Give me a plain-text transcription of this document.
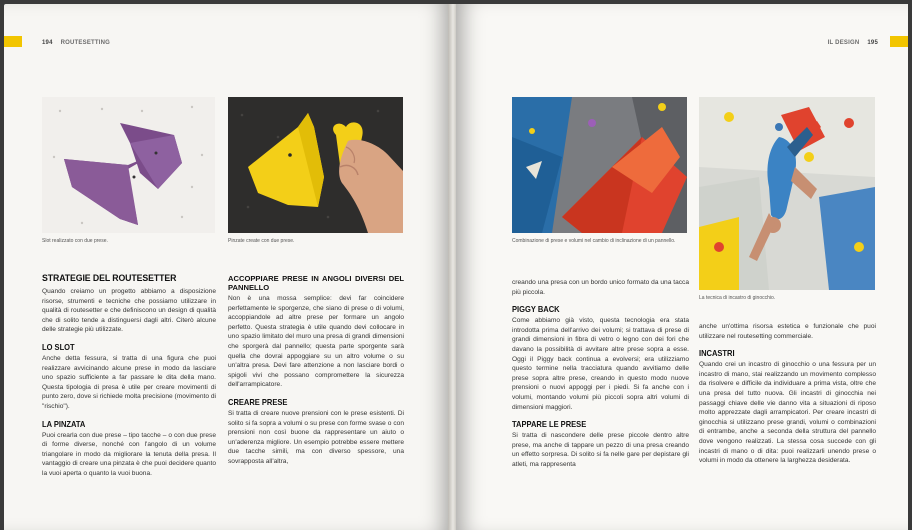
194 ROUTESETTING
Slot realizzato con due prese.	Pinzate create con due prese.
STRATEGIE DEL ROUTESETTER

Quando creiamo un progetto abbiamo a disposizione risorse, strumenti e tecniche che possiamo utilizzare in qualità di routesetter e che definiscono un design di qualità che di solito tende a distinguersi dagli altri. Citerò alcune delle strategie più utilizzate.

LO SLOT

Anche detta fessura, si tratta di una figura che puoi realizzare avvicinando alcune prese in modo da lasciare uno spazio sufficiente a far passare le dita della mano. Questa tipologia di presa è utile per creare movimenti di punto zero, dove si richiede molta precisione (movimento di "rischio").

LA PINZATA

Puoi crearla con due prese – tipo tacche – o con due prese di forme diverse, nonché con l'angolo di un volume triangolare in modo da migliorare la tenuta della presa. Il vantaggio di creare una pinzata è che puoi decidere quanto la vuoi aperta o quanto la vuoi buona.

ACCOPPIARE PRESE IN ANGOLI DIVERSI DEL PANNELLO

Non è una mossa semplice: devi far coincidere perfettamente le sporgenze, che siano di prese o di volumi, accoppiandole ad altre prese per formare un angolo perfetto. Questa strategia è utile quando devi collocare in uno spazio limitato del muro una presa di grandi dimensioni che sporgerà dal pannello; questa parte sporgente sarà quella che dovrai appoggiare su un altro volume o su un'altra presa. Devi fare attenzione a non lasciare bordi o spigoli vivi che possano compromettere la sicurezza dell'arrampicatore.

CREARE PRESE

Si tratta di creare nuove prensioni con le prese esistenti. Di solito si fa sopra a volumi o su prese con forme svase o con prensioni non così buone da rappresentare un aiuto o un'aderenza migliore. Un esempio potrebbe essere mettere due tacche simili, ma con diverso spessore, una sovrapposta all'altra,

IL DESIGN 195
Combinazione di prese e volumi nel cambio di inclinazione di un pannello.
La tecnica di incastro di ginocchio.

creando una presa con un bordo unico formato da una tacca più piccola.

PIGGY BACK

Come abbiamo già visto, questa tecnologia era stata introdotta prima dell'arrivo dei volumi; si trattava di prese di grandi dimensioni in fibra di vetro o legno con dei fori che davano la possibilità di avvitare altre prese sopra a esse. Oggi il Piggy back continua a evolversi; era utilizziamo questo termine nella tracciatura quando avvitiamo delle prese sopra altre prese, creando in questo modo nuove prensioni o nuovi appoggi per i piedi. Si fa anche con i volumi, montando volumi più piccoli sopra altri volumi di dimensioni maggiori.

TAPPARE LE PRESE

Si tratta di nascondere delle prese piccole dentro altre prese, ma anche di tappare un pezzo di una presa creando un effetto sorpresa. Di solito si fa nelle gare per depistare gli atleti, ma rappresenta

anche un'ottima risorsa estetica e funzionale che puoi utilizzare nel routesetting commerciale.

INCASTRI

Quando crei un incastro di ginocchio o una fessura per un incastro di mano, stai realizzando un movimento complesso da risolvere e difficile da individuare a prima vista, oltre che una presa del tutto nuova. Gli incastri di ginocchia nei passaggi chiave delle vie danno vita a situazioni di riposo molto apprezzate dagli arrampicatori. Per creare incastri di ginocchia si utilizzano prese grandi, volumi o combinazioni di entrambe, anche a seconda della struttura del pannello dove vengono realizzati. La stessa cosa succede con gli incastri di mano o di dita: puoi realizzarli unendo prese o volumi in modo da ottenere la larghezza desiderata.
